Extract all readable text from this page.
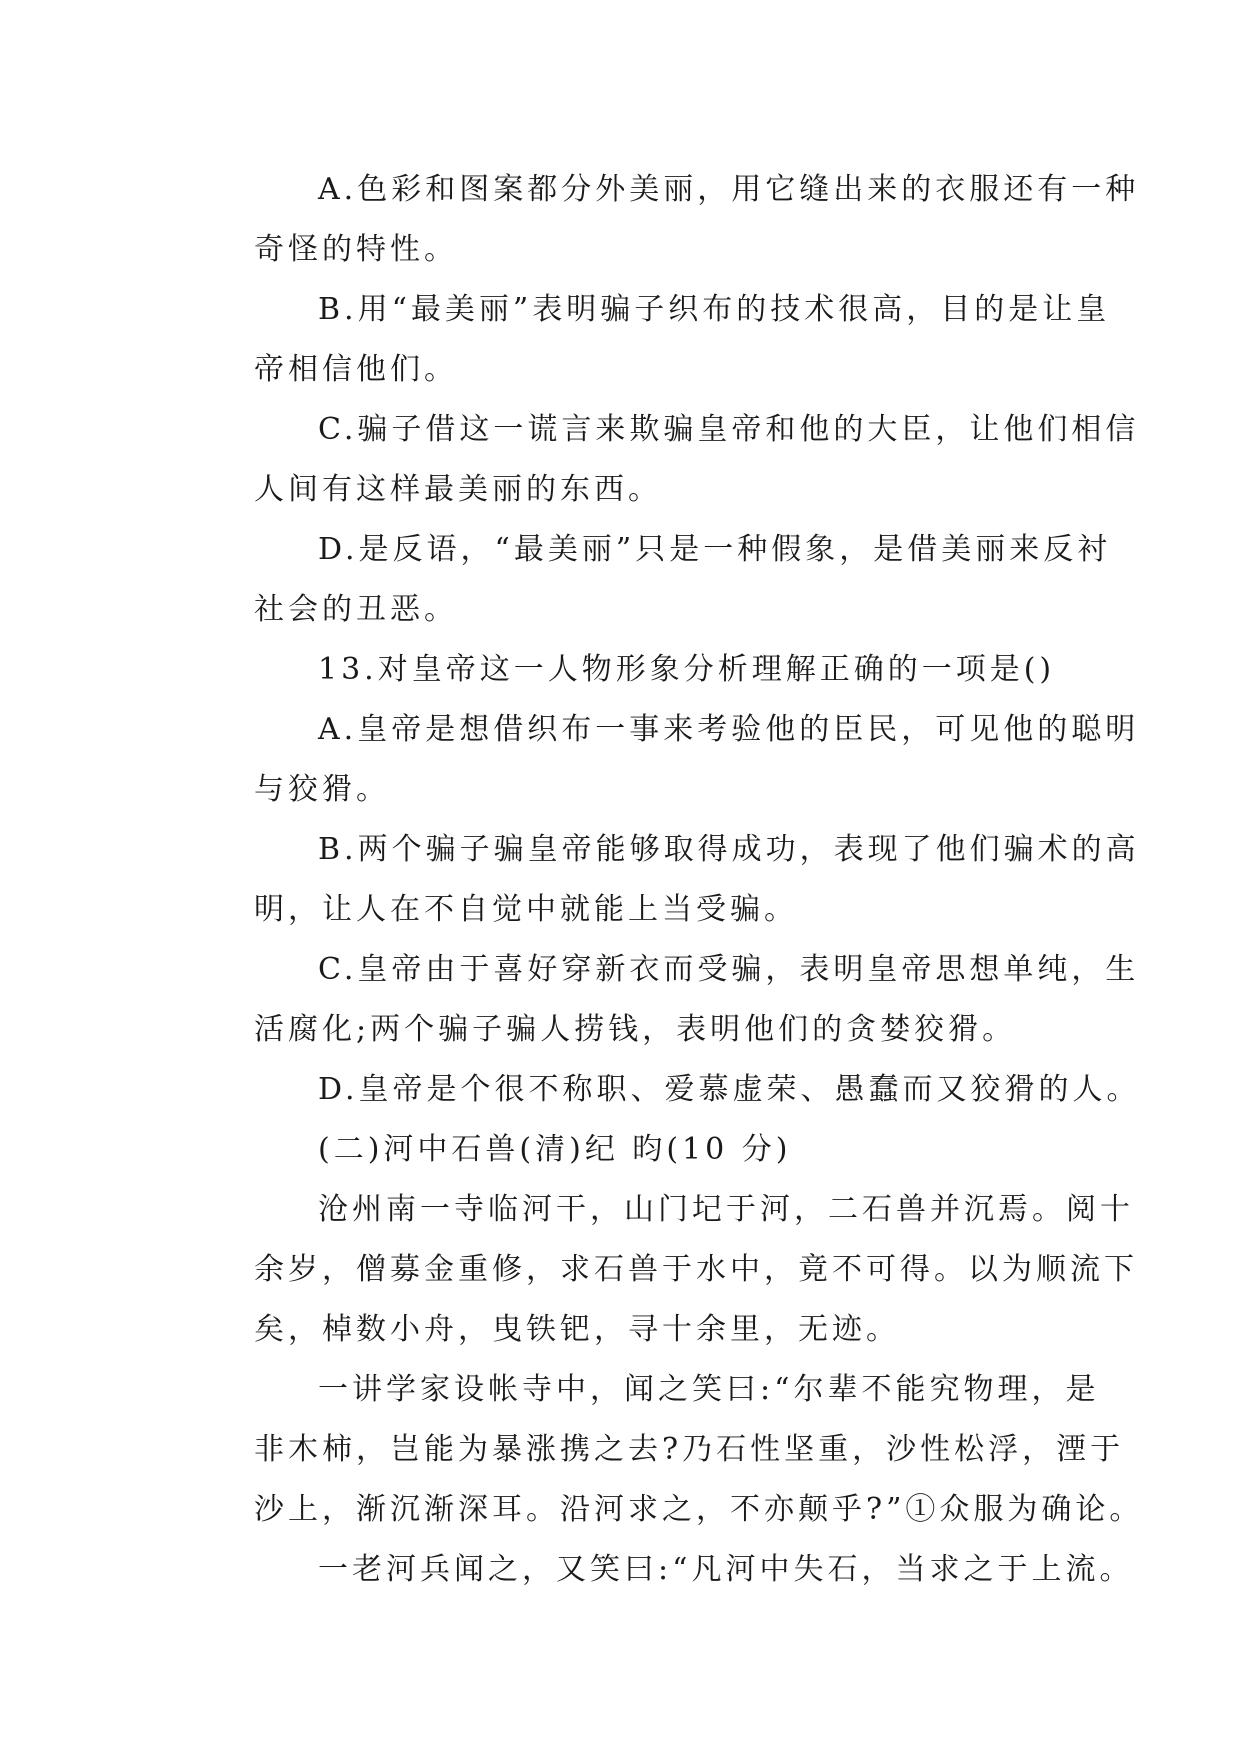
A.色彩和图案都分外美丽，用它缝出来的衣服还有一种
奇怪的特性。
B.用“最美丽”表明骗子织布的技术很高，目的是让皇
帝相信他们。
C.骗子借这一谎言来欺骗皇帝和他的大臣，让他们相信
人间有这样最美丽的东西。
D.是反语，“最美丽”只是一种假象，是借美丽来反衬
社会的丑恶。
13.对皇帝这一人物形象分析理解正确的一项是()
A.皇帝是想借织布一事来考验他的臣民，可见他的聪明
与狡猾。
B.两个骗子骗皇帝能够取得成功，表现了他们骗术的高
明，让人在不自觉中就能上当受骗。
C.皇帝由于喜好穿新衣而受骗，表明皇帝思想单纯，生
活腐化;两个骗子骗人捞钱，表明他们的贪婪狡猾。
D.皇帝是个很不称职、爱慕虚荣、愚蠢而又狡猾的人。
(二)河中石兽(清)纪 昀(10 分)
沧州南一寺临河干，山门圮于河，二石兽并沉焉。阅十
余岁，僧募金重修，求石兽于水中，竟不可得。以为顺流下
矣，棹数小舟，曳铁钯，寻十余里，无迹。
一讲学家设帐寺中，闻之笑曰:“尔辈不能究物理，是
非木柿，岂能为暴涨携之去?乃石性坚重，沙性松浮，湮于
沙上，渐沉渐深耳。沿河求之，不亦颠乎?”①众服为确论。
一老河兵闻之，又笑曰:“凡河中失石，当求之于上流。
